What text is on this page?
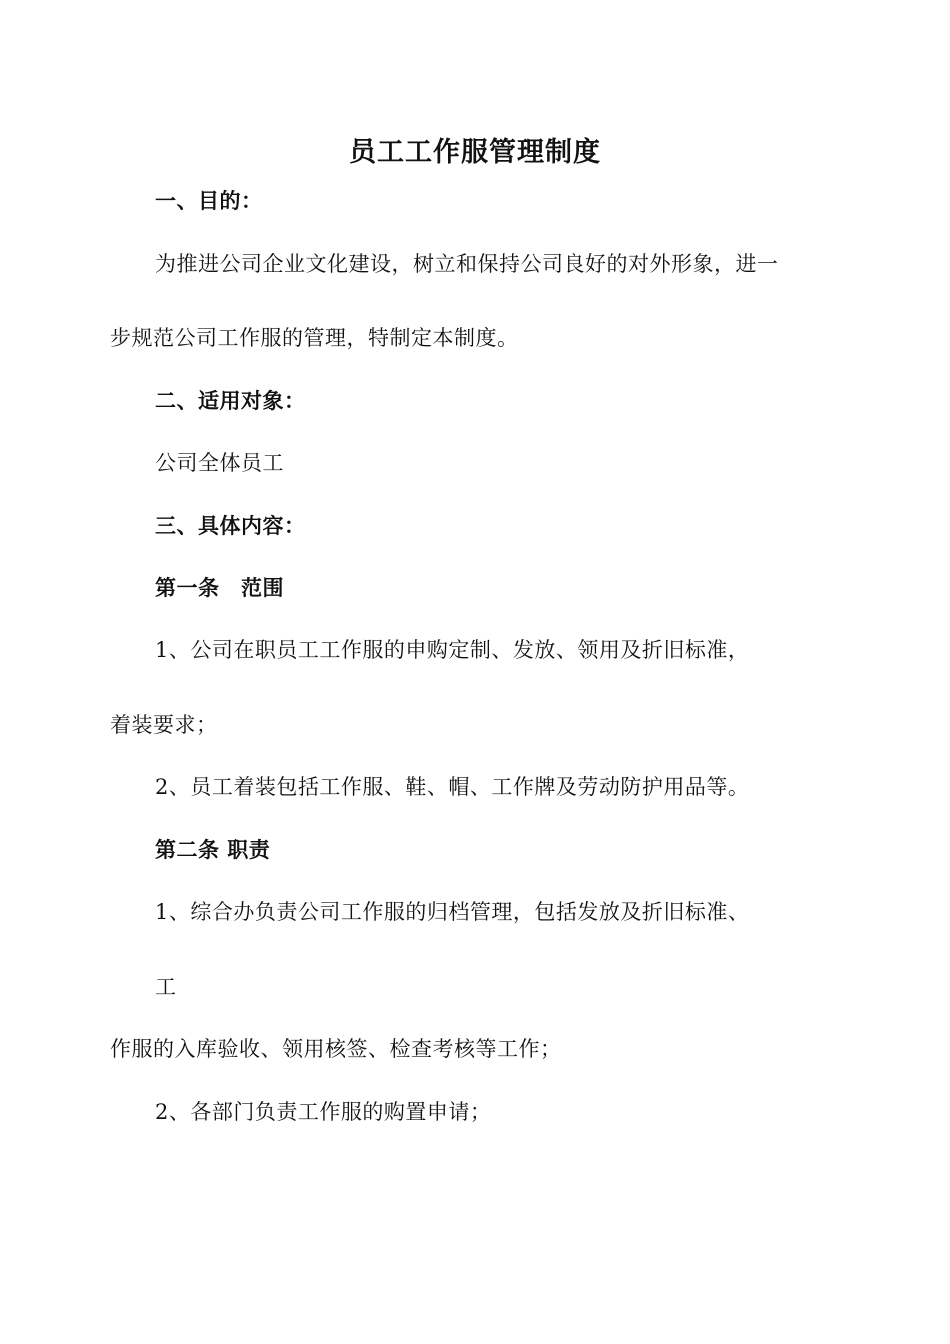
员工工作服管理制度
一、目的：
为推进公司企业文化建设，树立和保持公司良好的对外形象，进一
步规范公司工作服的管理，特制定本制度。
二、适用对象：
公司全体员工
三、具体内容：
第一条　范围
1、公司在职员工工作服的申购定制、发放、领用及折旧标准，
着装要求；
2、员工着装包括工作服、鞋、帽、工作牌及劳动防护用品等。
第二条 职责
1、综合办负责公司工作服的归档管理，包括发放及折旧标准、
工
作服的入库验收、领用核签、检查考核等工作；
2、各部门负责工作服的购置申请；
